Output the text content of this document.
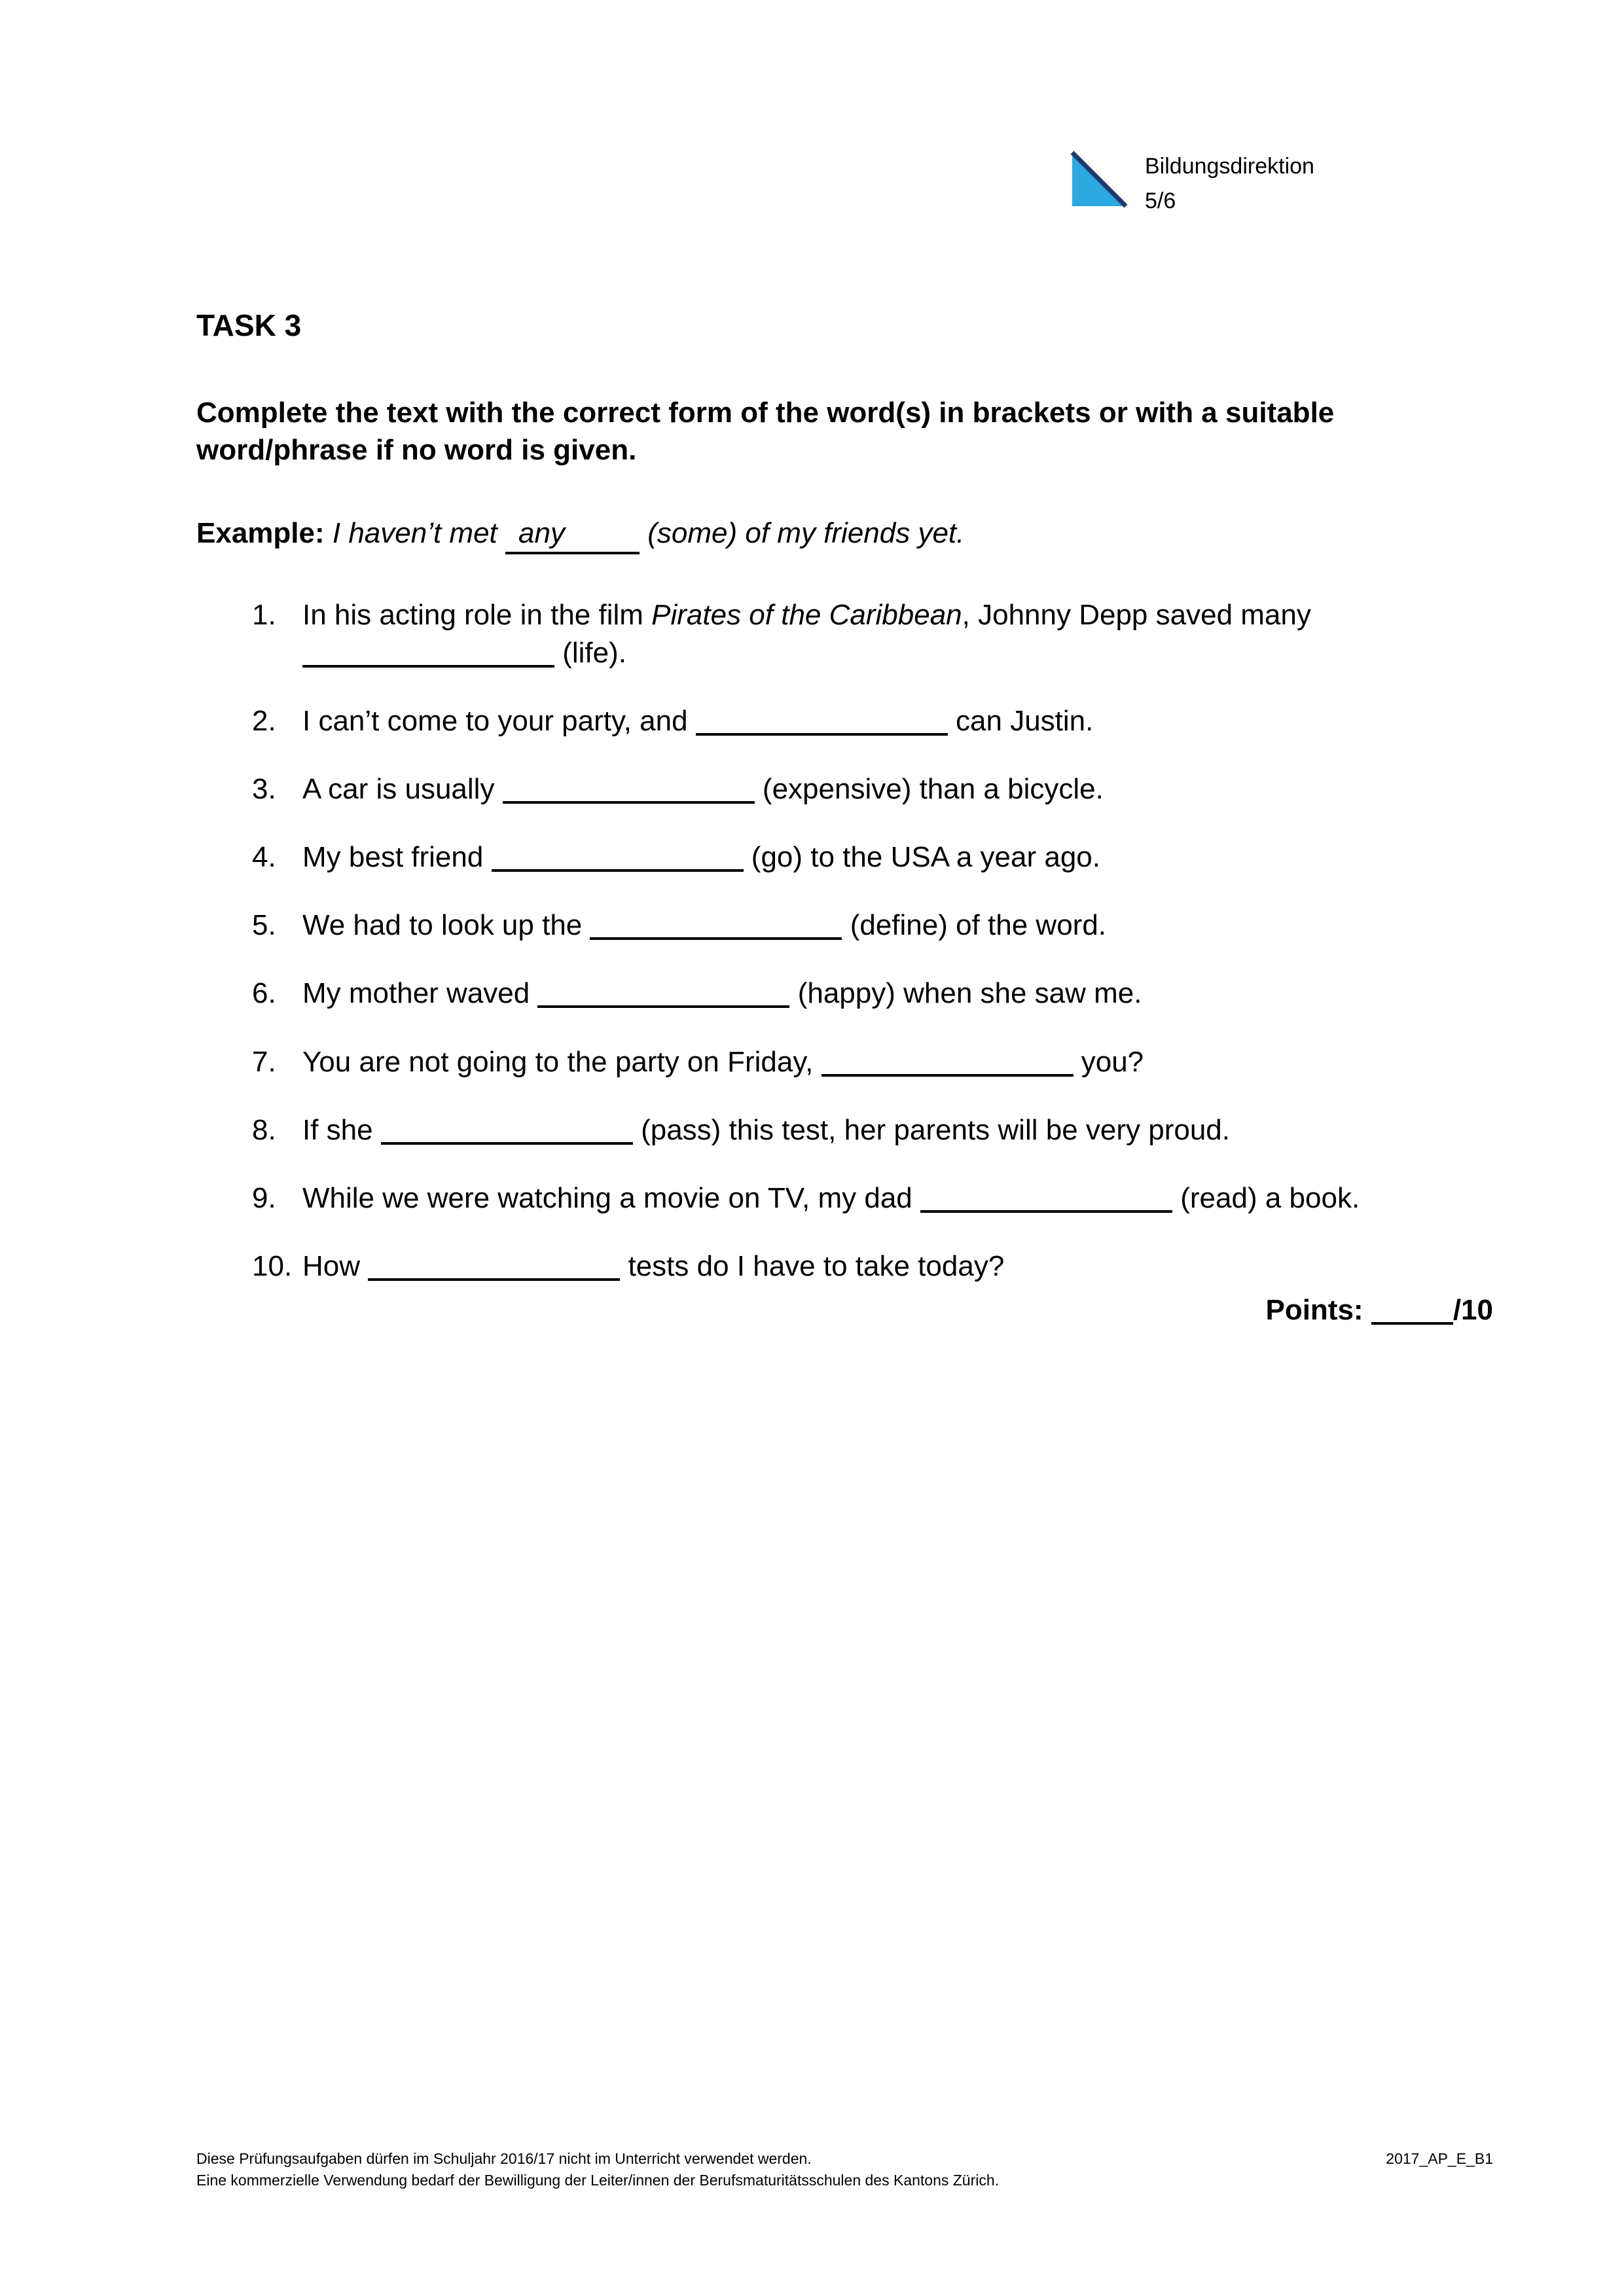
Bildungsdirektion
5/6
TASK 3

Complete the text with the correct form of the word(s) in brackets or with a suitable word/phrase if no word is given.

Example: I haven’t met any	(some) of my friends yet.

1. In his acting role in the film Pirates of the Caribbean, Johnny Depp saved many  (life).
2. I can’t come to your party, and	can Justin.
3. A car is usually	(expensive) than a bicycle.
4. My best friend	(go) to the USA a year ago.
5. We had to look up the	(define) of the word.
6. My mother waved	(happy) when she saw me.
7. You are not going to the party on Friday,	you?
8. If she	(pass) this test, her parents will be very proud.
9. While we were watching a movie on TV, my dad	(read) a book.
10. How	tests do I have to take today?
Points:	/10
Diese Prüfungsaufgaben dürfen im Schuljahr 2016/17 nicht im Unterricht verwendet werden.
Eine kommerzielle Verwendung bedarf der Bewilligung der Leiter/innen der Berufsmaturitätsschulen des Kantons Zürich.
2017_AP_E_B1
